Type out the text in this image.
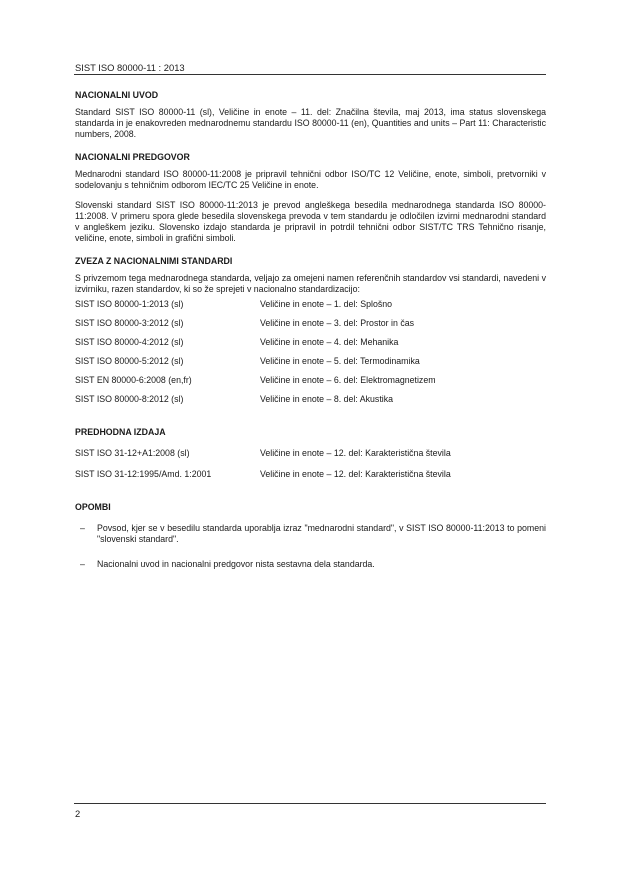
SIST ISO 80000-11 : 2013
NACIONALNI UVOD

Standard SIST ISO 80000-11 (sl), Veličine in enote – 11. del: Značilna števila, maj 2013, ima status slovenskega standarda in je enakovreden mednarodnemu standardu ISO 80000-11 (en), Quantities and units – Part 11: Characteristic numbers, 2008.

NACIONALNI PREDGOVOR

Mednarodni standard ISO 80000-11:2008 je pripravil tehnični odbor ISO/TC 12 Veličine, enote, simboli, pretvorniki v sodelovanju s tehničnim odborom IEC/TC 25 Veličine in enote.

Slovenski standard SIST ISO 80000-11:2013 je prevod angleškega besedila mednarodnega standarda ISO 80000-11:2008. V primeru spora glede besedila slovenskega prevoda v tem standardu je odločilen izvirni mednarodni standard v angleškem jeziku. Slovensko izdajo standarda je pripravil in potrdil tehnični odbor SIST/TC TRS Tehnično risanje, veličine, enote, simboli in grafični simboli.

ZVEZA Z NACIONALNIMI STANDARDI

S privzemom tega mednarodnega standarda, veljajo za omejeni namen referenčnih standardov vsi standardi, navedeni v izvirniku, razen standardov, ki so že sprejeti v nacionalno standardizacijo:

SIST ISO 80000-1:2013 (sl)	Veličine in enote – 1. del: Splošno
SIST ISO 80000-3:2012 (sl)	Veličine in enote – 3. del: Prostor in čas
SIST ISO 80000-4:2012 (sl)	Veličine in enote – 4. del: Mehanika
SIST ISO 80000-5:2012 (sl)	Veličine in enote – 5. del: Termodinamika
SIST EN 80000-6:2008 (en,fr)	Veličine in enote – 6. del: Elektromagnetizem
SIST ISO 80000-8:2012 (sl)	Veličine in enote – 8. del: Akustika
PREDHODNA IZDAJA
SIST ISO 31-12+A1:2008 (sl)	Veličine in enote – 12. del: Karakteristična števila
SIST ISO 31-12:1995/Amd. 1:2001	Veličine in enote – 12. del: Karakteristična števila
OPOMBI
– Povsod, kjer se v besedilu standarda uporablja izraz "mednarodni standard", v SIST ISO 80000-11:2013 to pomeni "slovenski standard".
– Nacionalni uvod in nacionalni predgovor nista sestavna dela standarda.
2
